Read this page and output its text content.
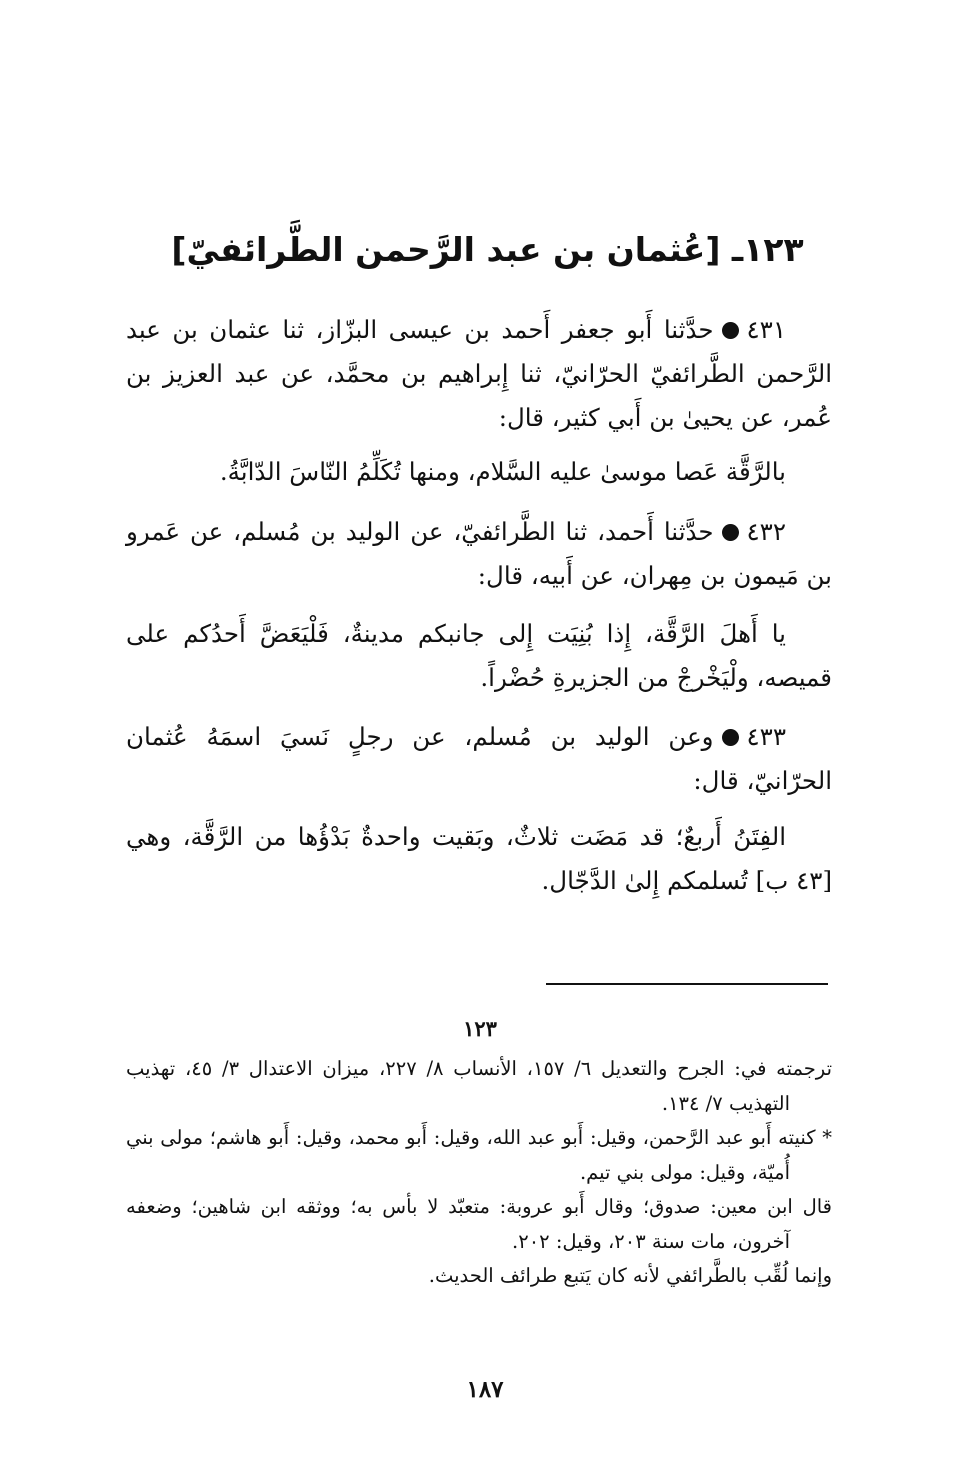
١٢٣ـ [عُثمان بن عبد الرَّحمن الطَّرائفيّ]

٤٣١حدَّثنا أَبو جعفر أَحمد بن عيسى البزّاز، ثنا عثمان بن عبد الرَّحمن الطَّرائفيّ الحرّانيّ، ثنا إِبراهيم بن محمَّد، عن عبد العزيز بن عُمر، عن يحيىٰ بن أَبي كثير، قال:

بالرَّقَّة عَصا موسىٰ عليه السَّلام، ومنها تُكَلِّمُ النّاسَ الدّابَّةُ.

٤٣٢حدَّثنا أَحمد، ثنا الطَّرائفيّ، عن الوليد بن مُسلم، عن عَمرو بن مَيمون بن مِهران، عن أَبيه، قال:

يا أَهلَ الرَّقَّة، إِذا بُنِيَت إِلى جانبكم مدينةٌ، فَلْيَعَضَّ أَحدُكم على قميصه، ولْيَخْرجْ من الجزيرةِ حُضْراً.

٤٣٣وعن الوليد بن مُسلم، عن رجلٍ نَسيَ اسمَهُ عُثمان الحرّانيّ، قال:

الفِتَنُ أَربعٌ؛ قد مَضَت ثلاثٌ، وبَقيت واحدةٌ بَدْؤُها من الرَّقَّة، وهي [٤٣ ب] تُسلمكم إِلىٰ الدَّجّال.

١٢٣

ترجمته في: الجرح والتعديل ٦/ ١٥٧، الأنساب ٨/ ٢٢٧، ميزان الاعتدال ٣/ ٤٥، تهذيب التهذيب ٧/ ١٣٤.

* كنيته أَبو عبد الرَّحمن، وقيل: أَبو عبد الله، وقيل: أَبو محمد، وقيل: أَبو هاشم؛ مولى بني أُميّة، وقيل: مولى بني تيم.

قال ابن معين: صدوق؛ وقال أَبو عروبة: متعبّد لا بأس به؛ ووثقه ابن شاهين؛ وضعفه آخرون، مات سنة ٢٠٣، وقيل: ٢٠٢.

وإنما لُقِّب بالطَّرائفي لأنه كان يَتبع طرائف الحديث.

١٨٧
